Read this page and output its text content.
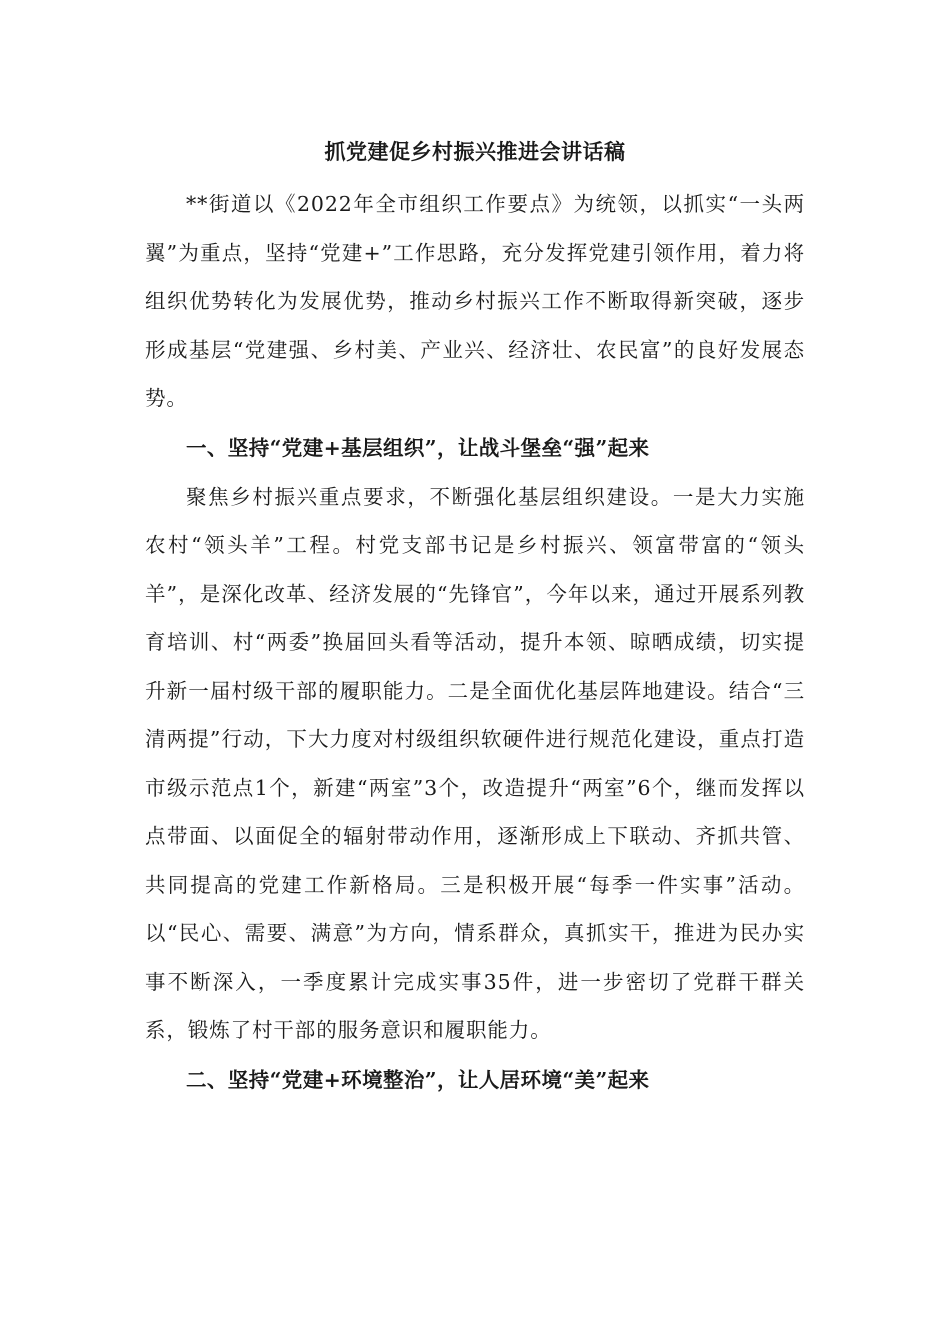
抓党建促乡村振兴推进会讲话稿

**街道以《2022年全市组织工作要点》为统领，以抓实“一头两翼”为重点，坚持“党建+”工作思路，充分发挥党建引领作用，着力将组织优势转化为发展优势，推动乡村振兴工作不断取得新突破，逐步形成基层“党建强、乡村美、产业兴、经济壮、农民富”的良好发展态势。

一、坚持“党建+基层组织”，让战斗堡垒“强”起来

聚焦乡村振兴重点要求，不断强化基层组织建设。一是大力实施农村“领头羊”工程。村党支部书记是乡村振兴、领富带富的“领头羊”，是深化改革、经济发展的“先锋官”，今年以来，通过开展系列教育培训、村“两委”换届回头看等活动，提升本领、晾晒成绩，切实提升新一届村级干部的履职能力。二是全面优化基层阵地建设。结合“三清两提”行动，下大力度对村级组织软硬件进行规范化建设，重点打造市级示范点1个，新建“两室”3个，改造提升“两室”6个，继而发挥以点带面、以面促全的辐射带动作用，逐渐形成上下联动、齐抓共管、共同提高的党建工作新格局。三是积极开展“每季一件实事”活动。以“民心、需要、满意”为方向，情系群众，真抓实干，推进为民办实事不断深入，一季度累计完成实事35件，进一步密切了党群干群关系，锻炼了村干部的服务意识和履职能力。

二、坚持“党建+环境整治”，让人居环境“美”起来
